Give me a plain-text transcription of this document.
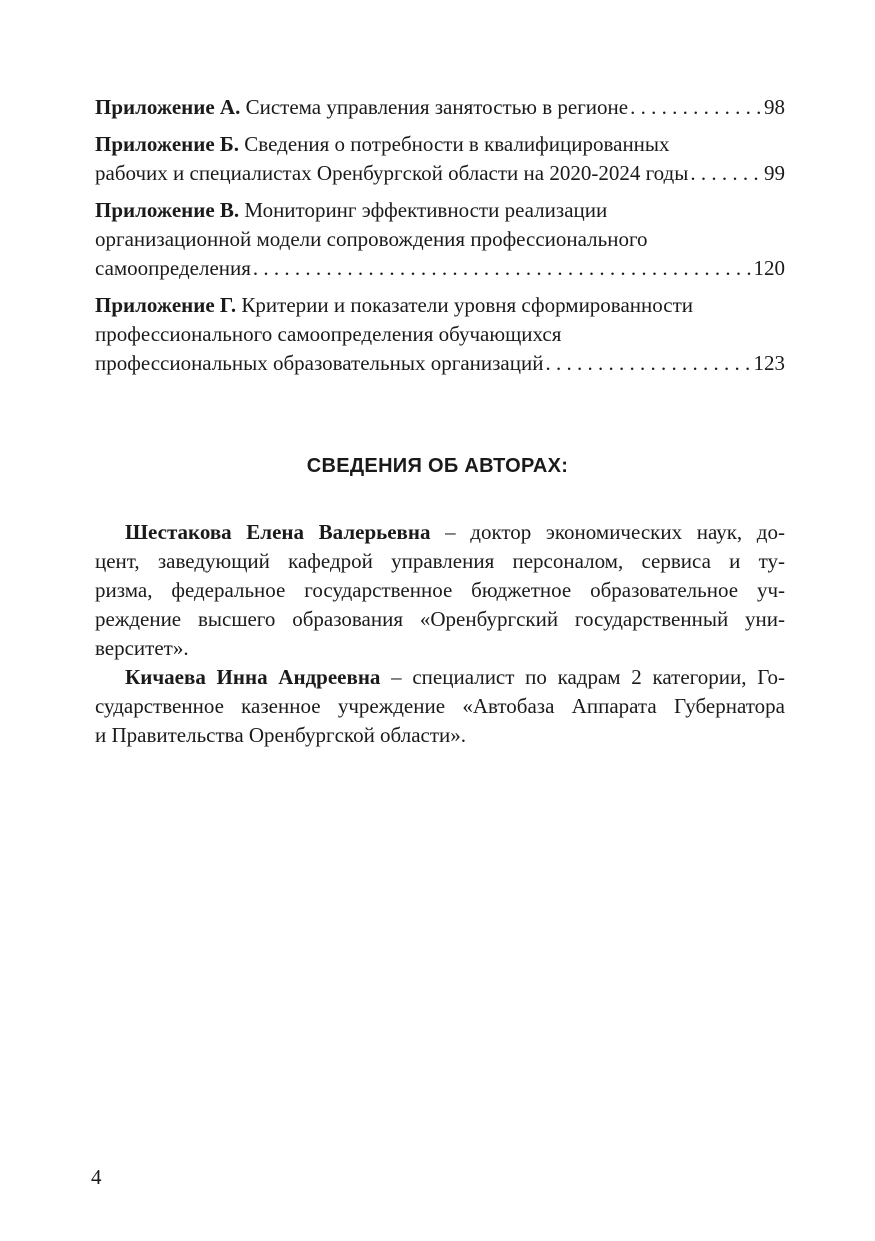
Приложение А. Система управления занятостью в регионе . . .	98
Приложение Б. Сведения о потребности в квалифицированных
рабочих и специалистах Оренбургской области на 2020-2024 годы . . .	99
Приложение В. Мониторинг эффективности реализации
организационной модели сопровождения профессионального
самоопределения . . .	120
Приложение Г. Критерии и показатели уровня сформированности
профессионального самоопределения обучающихся
профессиональных образовательных организаций . . .	123
СВЕДЕНИЯ ОБ АВТОРАХ:

Шестакова Елена Валерьевна – доктор экономических наук, до-
цент, заведующий кафедрой управления персоналом, сервиса и ту-
ризма, федеральное государственное бюджетное образовательное уч-
реждение высшего образования «Оренбургский государственный уни-
верситет».

Кичаева Инна Андреевна – специалист по кадрам 2 категории, Го-
сударственное казенное учреждение «Автобаза Аппарата Губернатора
и Правительства Оренбургской области».

4
